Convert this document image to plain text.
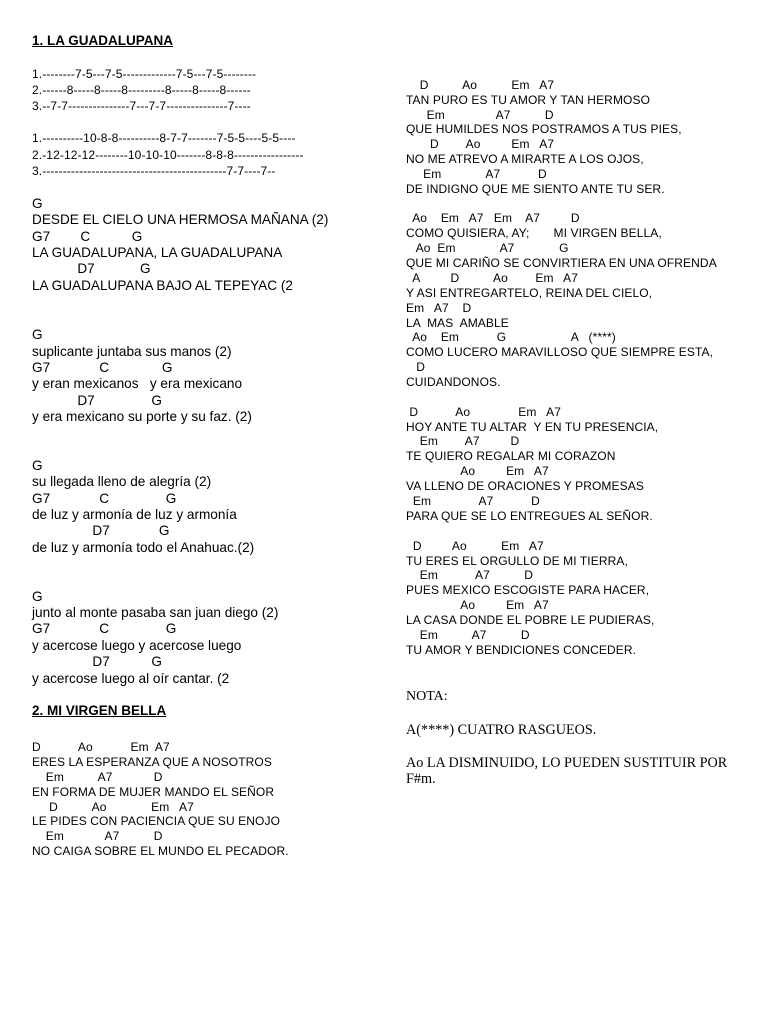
1. LA GUADALUPANA
1.--------7-5---7-5-------------7-5---7-5--------
2.------8-----8-----8---------8-----8-----8------
3.--7-7---------------7---7-7---------------7----
1.----------10-8-8----------8-7-7-------7-5-5----5-5----
2.-12-12-12--------10-10-10-------8-8-8-----------------
3.---------------------------------------------7-7----7--
G
DESDE EL CIELO UNA HERMOSA MAÑANA (2)
G7        C           G
LA GUADALUPANA, LA GUADALUPANA
D7            G
LA GUADALUPANA BAJO AL TEPEYAC (2
G
suplicante juntaba sus manos (2)
G7             C              G
y eran mexicanos   y era mexicano
D7               G
y era mexicano su porte y su faz. (2)
G
su llegada lleno de alegría (2)
G7             C               G
de luz y armonía de luz y armonía
D7             G
de luz y armonía todo el Anahuac.(2)
G
junto al monte pasaba san juan diego (2)
G7             C               G
y acercose luego y acercose luego
D7           G
y acercose luego al oír cantar. (2
2. MI VIRGEN BELLA
D           Ao           Em  A7
ERES LA ESPERANZA QUE A NOSOTROS
Em          A7            D
EN FORMA DE MUJER MANDO EL SEÑOR
D          Ao             Em   A7
LE PIDES CON PACIENCIA QUE SU ENOJO
Em            A7          D
NO CAIGA SOBRE EL MUNDO EL PECADOR.
D          Ao          Em   A7
TAN PURO ES TU AMOR Y TAN HERMOSO
Em               A7          D
QUE HUMILDES NOS POSTRAMOS A TUS PIES,
D        Ao         Em   A7
NO ME ATREVO A MIRARTE A LOS OJOS,
Em             A7           D
DE INDIGNO QUE ME SIENTO ANTE TU SER.
Ao    Em   A7   Em    A7         D
COMO QUISIERA, AY;       MI VIRGEN BELLA,
Ao  Em             A7             G
QUE MI CARIÑO SE CONVIRTIERA EN UNA OFRENDA
A         D          Ao        Em   A7
Y ASI ENTREGARTELO, REINA DEL CIELO,
Em   A7    D
LA  MAS  AMABLE
Ao    Em           G                   A   (****)
COMO LUCERO MARAVILLOSO QUE SIEMPRE ESTA,
D
CUIDANDONOS.
D           Ao              Em   A7
HOY ANTE TU ALTAR  Y EN TU PRESENCIA,
Em        A7         D
TE QUIERO REGALAR MI CORAZON
Ao         Em   A7
VA LLENO DE ORACIONES Y PROMESAS
Em              A7           D
PARA QUE SE LO ENTREGUES AL SEÑOR.
D         Ao          Em   A7
TU ERES EL ORGULLO DE MI TIERRA,
Em           A7          D
PUES MEXICO ESCOGISTE PARA HACER,
Ao         Em   A7
LA CASA DONDE EL POBRE LE PUDIERAS,
Em          A7          D
TU AMOR Y BENDICIONES CONCEDER.
NOTA:
A(****) CUATRO RASGUEOS.
Ao LA DISMINUIDO, LO PUEDEN SUSTITUIR POR
F#m.
